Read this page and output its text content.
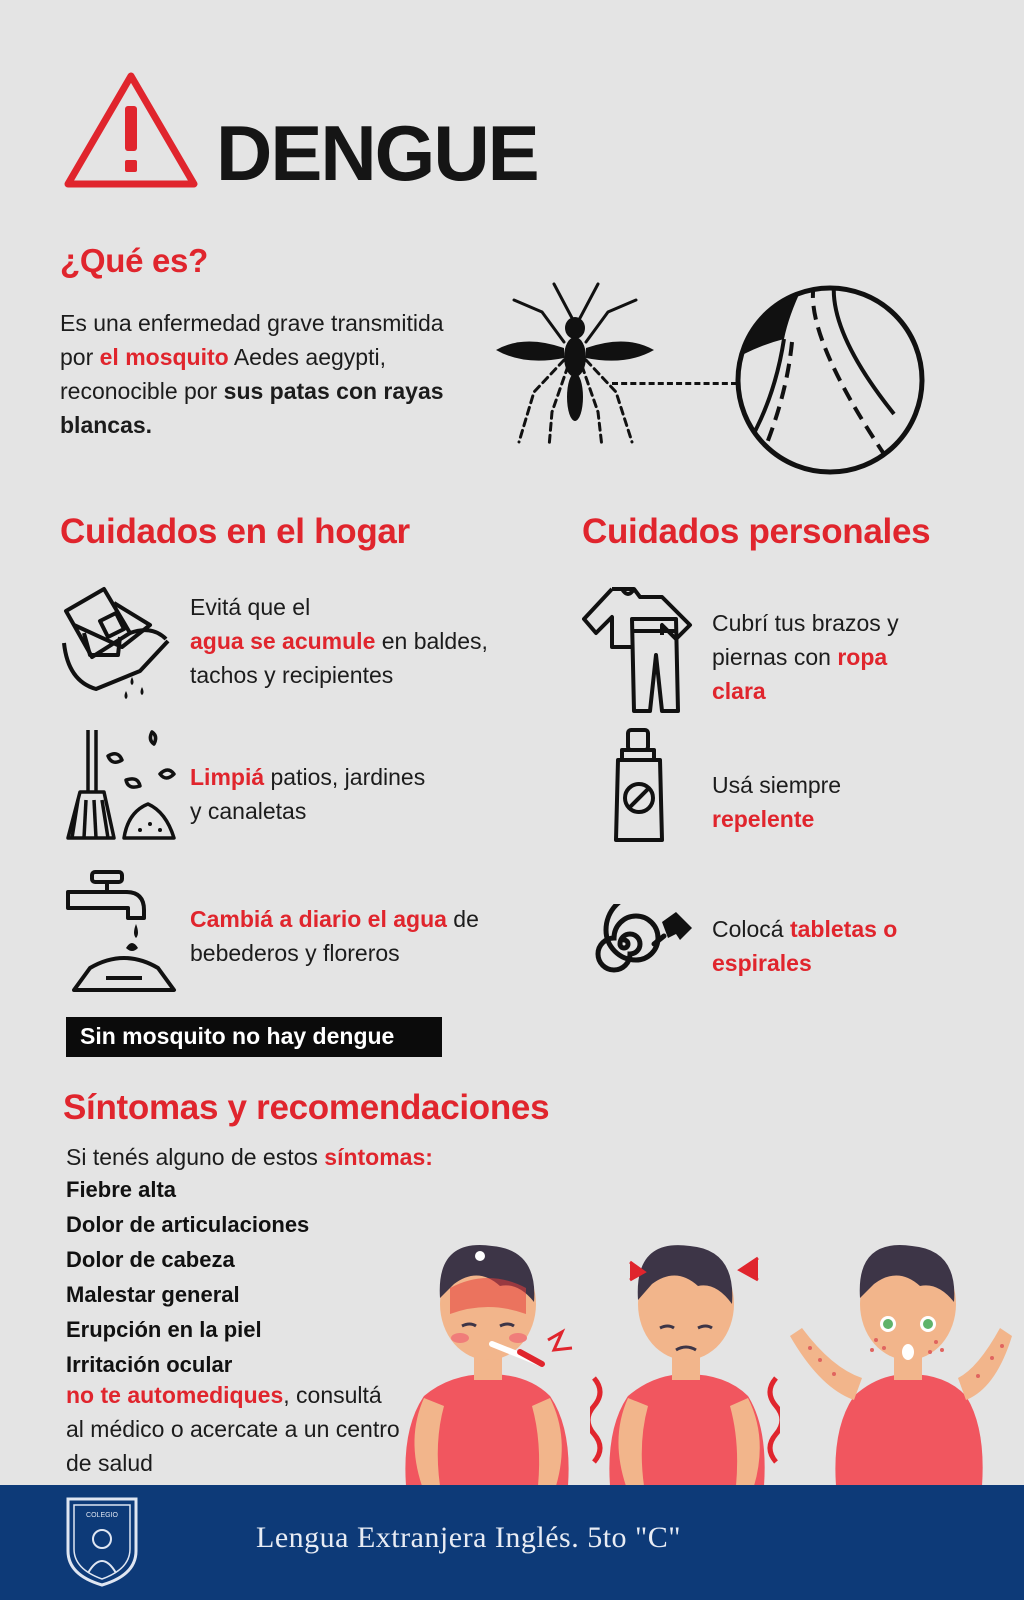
DENGUE
¿Qué es?
Es una enfermedad grave transmitida
por el mosquito Aedes aegypti,
reconocible por sus patas con rayas
blancas.
Cuidados en el hogar
Evitá que el
agua se acumule en baldes,
tachos y recipientes
Limpiá patios, jardines
y canaletas
Cambiá a diario el agua de
bebederos y floreros
Cuidados personales
Cubrí tus brazos y
piernas con ropa
clara
Usá siempre
repelente
Colocá tabletas o
espirales
Sin mosquito no hay dengue
Síntomas y recomendaciones
Si tenés alguno de estos síntomas:
Fiebre alta
Dolor de articulaciones
Dolor de cabeza
Malestar general
Erupción en la piel
Irritación ocular
no te automediques, consultá
al médico o acercate a un centro
de salud
COLEGIO
Lengua Extranjera Inglés. 5to "C"
